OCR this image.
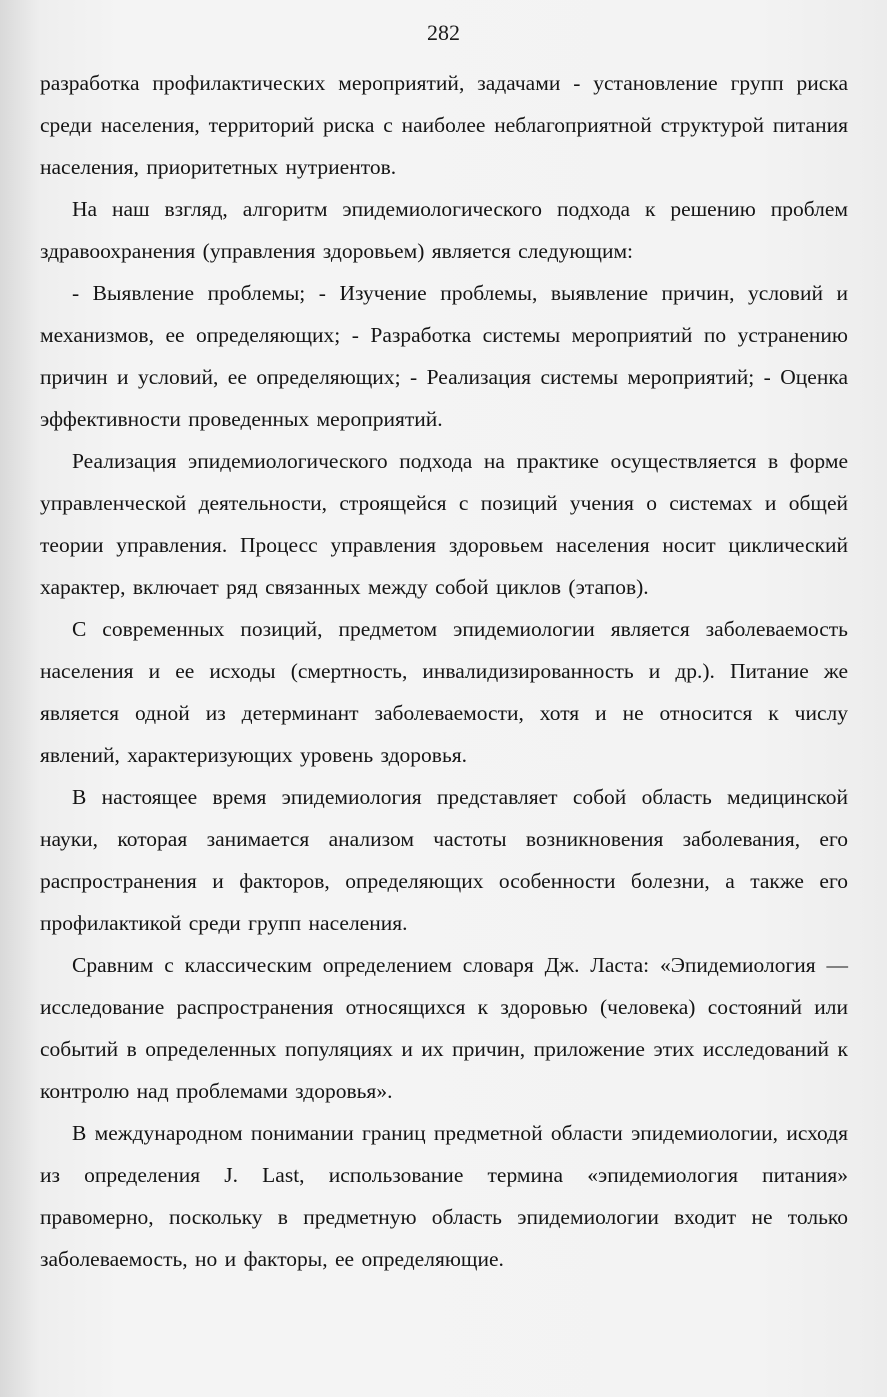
282

разработка профилактических мероприятий, задачами - установление групп риска среди населения, территорий риска с наиболее неблагоприятной структурой питания населения, приоритетных нутриентов.

На наш взгляд, алгоритм эпидемиологического подхода к решению проблем здравоохранения (управления здоровьем) является следующим:

- Выявление проблемы; - Изучение проблемы, выявление причин, условий и механизмов, ее определяющих; - Разработка системы мероприятий по устранению причин и условий, ее определяющих; - Реализация системы мероприятий; - Оценка эффективности проведенных мероприятий.

Реализация эпидемиологического подхода на практике осуществляется в форме управленческой деятельности, строящейся с позиций учения о системах и общей теории управления. Процесс управления здоровьем населения носит циклический характер, включает ряд связанных между собой циклов (этапов).

С современных позиций, предметом эпидемиологии является заболеваемость населения и ее исходы (смертность, инвалидизированность и др.). Питание же является одной из детерминант заболеваемости, хотя и не относится к числу явлений, характеризующих уровень здоровья.

В настоящее время эпидемиология представляет собой область медицинской науки, которая занимается анализом частоты возникновения заболевания, его распространения и факторов, определяющих особенности болезни, а также его профилактикой среди групп населения.

Сравним с классическим определением словаря Дж. Ласта: «Эпидемиология — исследование распространения относящихся к здоровью (человека) состояний или событий в определенных популяциях и их причин, приложение этих исследований к контролю над проблемами здоровья».

В международном понимании границ предметной области эпидемиологии, исходя из определения J. Last, использование термина «эпидемиология питания» правомерно, поскольку в предметную область эпидемиологии входит не только заболеваемость, но и факторы, ее определяющие.
